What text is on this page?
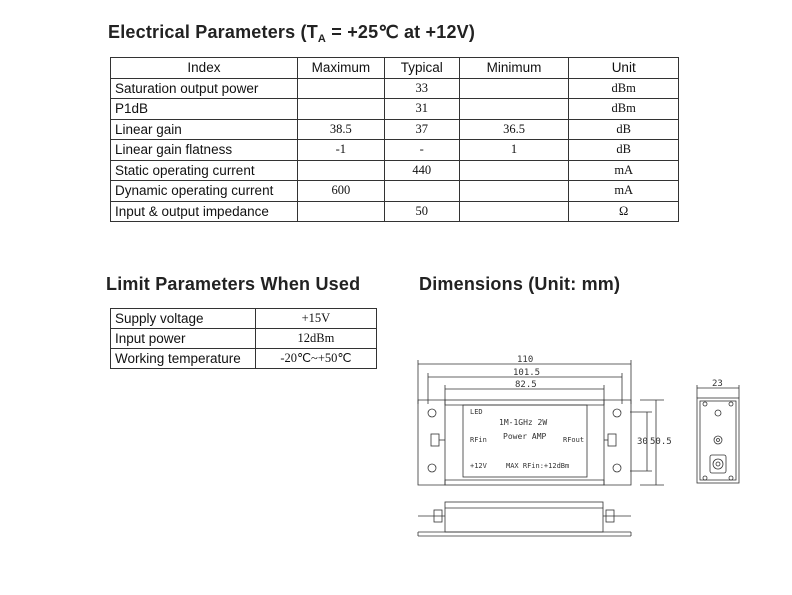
Electrical Parameters ($T_A$ = +25℃ at +12V)
Index	Maximum	Typical	Minimum	Unit
Saturation output power		33		dBm
P1dB		31		dBm
Linear gain	38.5	37	36.5	dB
Linear gain flatness	-1	-	1	dB
Static operating current		440		mA
Dynamic operating current	600			mA
Input & output impedance		50		Ω
Limit Parameters When Used
Supply voltage	+15V
Input power	12dBm
Working temperature	-20℃~+50℃
Dimensions (Unit: mm)
110
101.5
82.5
30 50.5
23
LED
1M-1GHz 2W
Power AMP
RFin	RFout
+12V	MAX RFin:+12dBm
